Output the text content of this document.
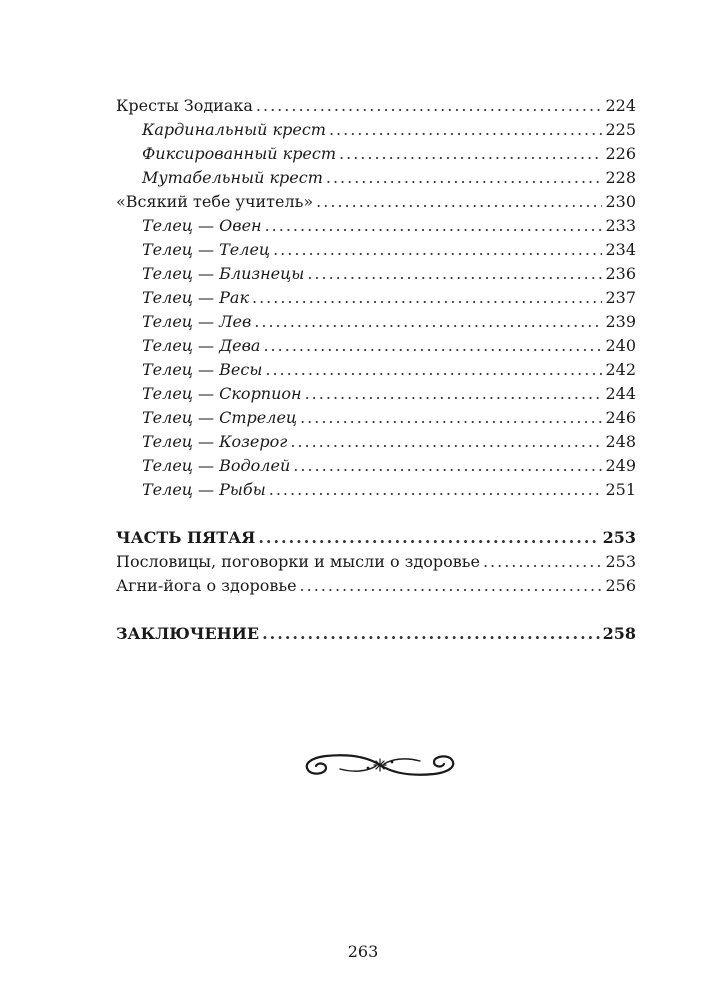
Кресты Зодиака .....	224
Кардинальный крест .....	225
Фиксированный крест .....	226
Мутабельный крест .....	228
«Всякий тебе учитель» .....	230
Телец — Овен .....	233
Телец — Телец .....	234
Телец — Близнецы .....	236
Телец — Рак .....	237
Телец — Лев .....	239
Телец — Дева .....	240
Телец — Весы .....	242
Телец — Скорпион .....	244
Телец — Стрелец .....	246
Телец — Козерог .....	248
Телец — Водолей .....	249
Телец — Рыбы .....	251
ЧАСТЬ ПЯТАЯ .....	253
Пословицы, поговорки и мысли о здоровье .....	253
Агни-йога о здоровье .....	256
ЗАКЛЮЧЕНИЕ .....	258
263
